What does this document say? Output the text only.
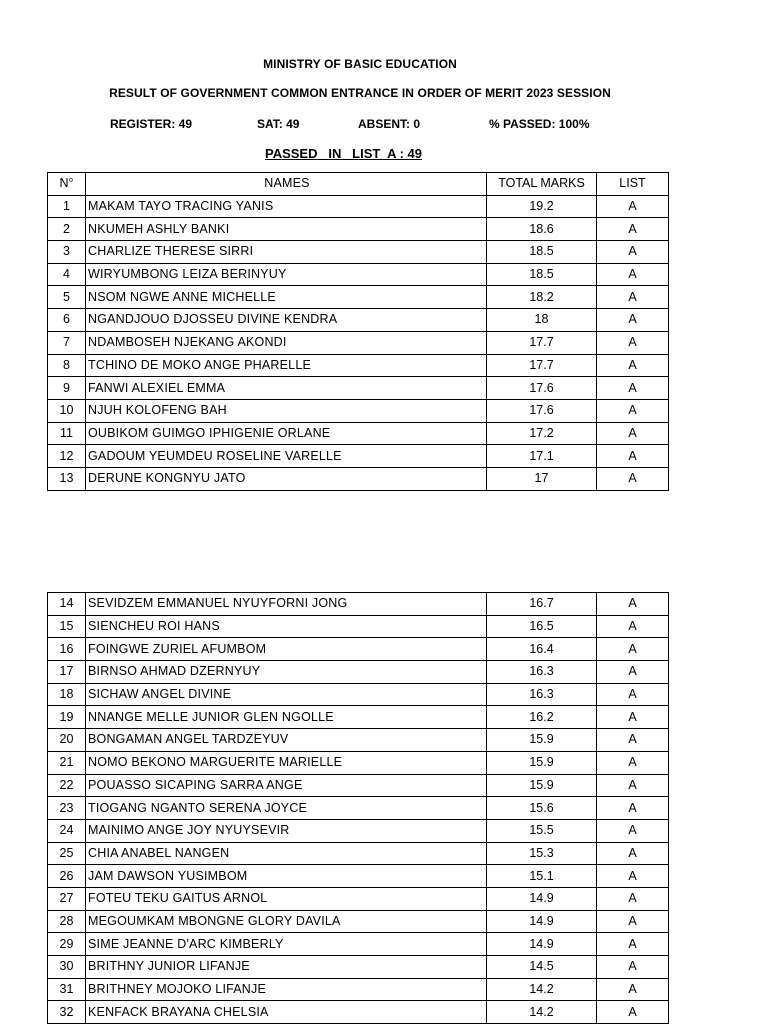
MINISTRY OF BASIC EDUCATION
RESULT OF GOVERNMENT COMMON ENTRANCE IN ORDER OF MERIT 2023 SESSION
REGISTER: 49	SAT: 49	ABSENT: 0	% PASSED: 100%
PASSED   IN   LIST  A : 49
N°	NAMES	TOTAL MARKS	LIST
1	MAKAM TAYO TRACING YANIS	19.2	A
2	NKUMEH ASHLY BANKI	18.6	A
3	CHARLIZE THERESE SIRRI	18.5	A
4	WIRYUMBONG LEIZA BERINYUY	18.5	A
5	NSOM NGWE ANNE MICHELLE	18.2	A
6	NGANDJOUO DJOSSEU DIVINE KENDRA	18	A
7	NDAMBOSEH NJEKANG AKONDI	17.7	A
8	TCHINO DE MOKO ANGE PHARELLE	17.7	A
9	FANWI ALEXIEL EMMA	17.6	A
10	NJUH KOLOFENG BAH	17.6	A
11	OUBIKOM GUIMGO IPHIGENIE ORLANE	17.2	A
12	GADOUM YEUMDEU ROSELINE VARELLE	17.1	A
13	DERUNE KONGNYU JATO	17	A
14	SEVIDZEM EMMANUEL NYUYFORNI JONG	16.7	A
15	SIENCHEU ROI HANS	16.5	A
16	FOINGWE ZURIEL AFUMBOM	16.4	A
17	BIRNSO AHMAD DZERNYUY	16.3	A
18	SICHAW ANGEL DIVINE	16.3	A
19	NNANGE MELLE JUNIOR GLEN NGOLLE	16.2	A
20	BONGAMAN ANGEL TARDZEYUV	15.9	A
21	NOMO BEKONO MARGUERITE MARIELLE	15.9	A
22	POUASSO SICAPING SARRA ANGE	15.9	A
23	TIOGANG NGANTO SERENA JOYCE	15.6	A
24	MAINIMO ANGE JOY NYUYSEVIR	15.5	A
25	CHIA ANABEL NANGEN	15.3	A
26	JAM DAWSON YUSIMBOM	15.1	A
27	FOTEU TEKU GAITUS ARNOL	14.9	A
28	MEGOUMKAM MBONGNE GLORY DAVILA	14.9	A
29	SIME JEANNE D'ARC KIMBERLY	14.9	A
30	BRITHNY JUNIOR LIFANJE	14.5	A
31	BRITHNEY MOJOKO LIFANJE	14.2	A
32	KENFACK BRAYANA CHELSIA	14.2	A
